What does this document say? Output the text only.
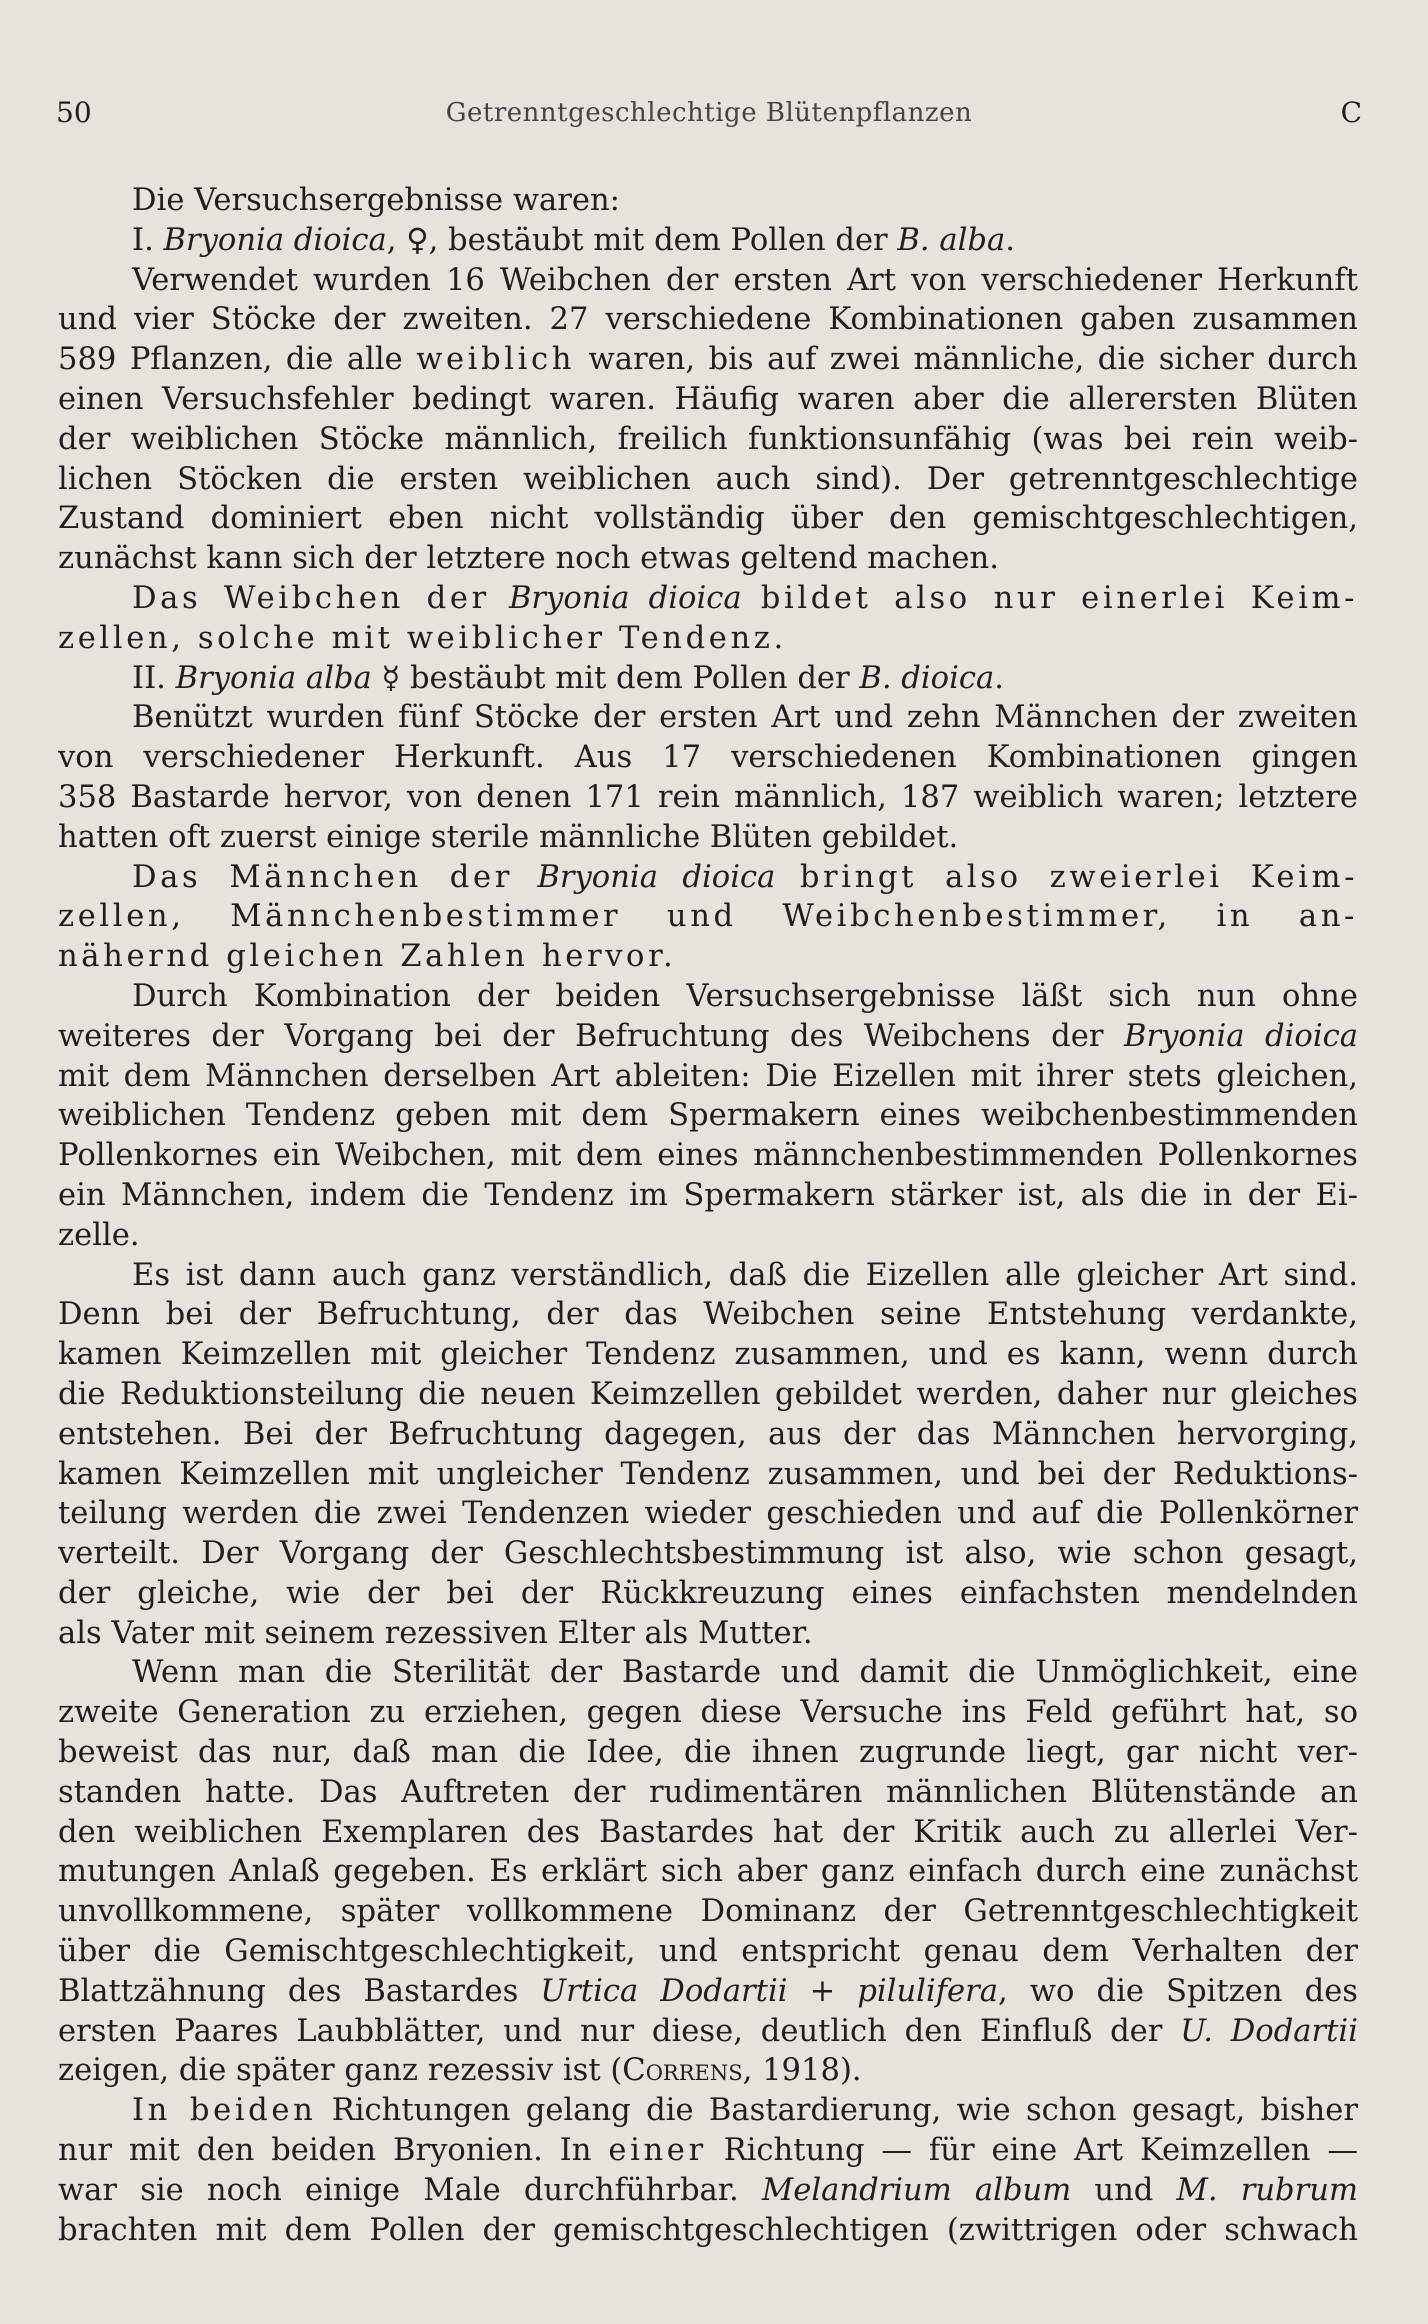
50	Getrenntgeschlechtige Blütenpflanzen	C
Die Versuchsergebnisse waren:
I. Bryonia dioica, ♀, bestäubt mit dem Pollen der B. alba.
Verwendet wurden 16 Weibchen der ersten Art von verschiedener Herkunft
und vier Stöcke der zweiten. 27 verschiedene Kombinationen gaben zusammen
589 Pflanzen, die alle weiblich waren, bis auf zwei männliche, die sicher durch
einen Versuchsfehler bedingt waren. Häufig waren aber die allerersten Blüten
der weiblichen Stöcke männlich, freilich funktionsunfähig (was bei rein weib-
lichen Stöcken die ersten weiblichen auch sind). Der getrenntgeschlechtige
Zustand dominiert eben nicht vollständig über den gemischtgeschlechtigen,
zunächst kann sich der letztere noch etwas geltend machen.
Das Weibchen der Bryonia dioica bildet also nur einerlei Keim-
zellen, solche mit weiblicher Tendenz.
II. Bryonia alba ☿ bestäubt mit dem Pollen der B. dioica.
Benützt wurden fünf Stöcke der ersten Art und zehn Männchen der zweiten
von verschiedener Herkunft. Aus 17 verschiedenen Kombinationen gingen
358 Bastarde hervor, von denen 171 rein männlich, 187 weiblich waren; letztere
hatten oft zuerst einige sterile männliche Blüten gebildet.
Das Männchen der Bryonia dioica bringt also zweierlei Keim-
zellen, Männchenbestimmer und Weibchenbestimmer, in an-
nähernd gleichen Zahlen hervor.
Durch Kombination der beiden Versuchsergebnisse läßt sich nun ohne
weiteres der Vorgang bei der Befruchtung des Weibchens der Bryonia dioica
mit dem Männchen derselben Art ableiten: Die Eizellen mit ihrer stets gleichen,
weiblichen Tendenz geben mit dem Spermakern eines weibchenbestimmenden
Pollenkornes ein Weibchen, mit dem eines männchenbestimmenden Pollenkornes
ein Männchen, indem die Tendenz im Spermakern stärker ist, als die in der Ei-
zelle.
Es ist dann auch ganz verständlich, daß die Eizellen alle gleicher Art sind.
Denn bei der Befruchtung, der das Weibchen seine Entstehung verdankte,
kamen Keimzellen mit gleicher Tendenz zusammen, und es kann, wenn durch
die Reduktionsteilung die neuen Keimzellen gebildet werden, daher nur gleiches
entstehen. Bei der Befruchtung dagegen, aus der das Männchen hervorging,
kamen Keimzellen mit ungleicher Tendenz zusammen, und bei der Reduktions-
teilung werden die zwei Tendenzen wieder geschieden und auf die Pollenkörner
verteilt. Der Vorgang der Geschlechtsbestimmung ist also, wie schon gesagt,
der gleiche, wie der bei der Rückkreuzung eines einfachsten mendelnden
als Vater mit seinem rezessiven Elter als Mutter.
Wenn man die Sterilität der Bastarde und damit die Unmöglichkeit, eine
zweite Generation zu erziehen, gegen diese Versuche ins Feld geführt hat, so
beweist das nur, daß man die Idee, die ihnen zugrunde liegt, gar nicht ver-
standen hatte. Das Auftreten der rudimentären männlichen Blütenstände an
den weiblichen Exemplaren des Bastardes hat der Kritik auch zu allerlei Ver-
mutungen Anlaß gegeben. Es erklärt sich aber ganz einfach durch eine zunächst
unvollkommene, später vollkommene Dominanz der Getrenntgeschlechtigkeit
über die Gemischtgeschlechtigkeit, und entspricht genau dem Verhalten der
Blattzähnung des Bastardes Urtica Dodartii + pilulifera, wo die Spitzen des
ersten Paares Laubblätter, und nur diese, deutlich den Einfluß der U. Dodartii
zeigen, die später ganz rezessiv ist (Correns, 1918).
In beiden Richtungen gelang die Bastardierung, wie schon gesagt, bisher
nur mit den beiden Bryonien. In einer Richtung — für eine Art Keimzellen —
war sie noch einige Male durchführbar. Melandrium album und M. rubrum
brachten mit dem Pollen der gemischtgeschlechtigen (zwittrigen oder schwach
